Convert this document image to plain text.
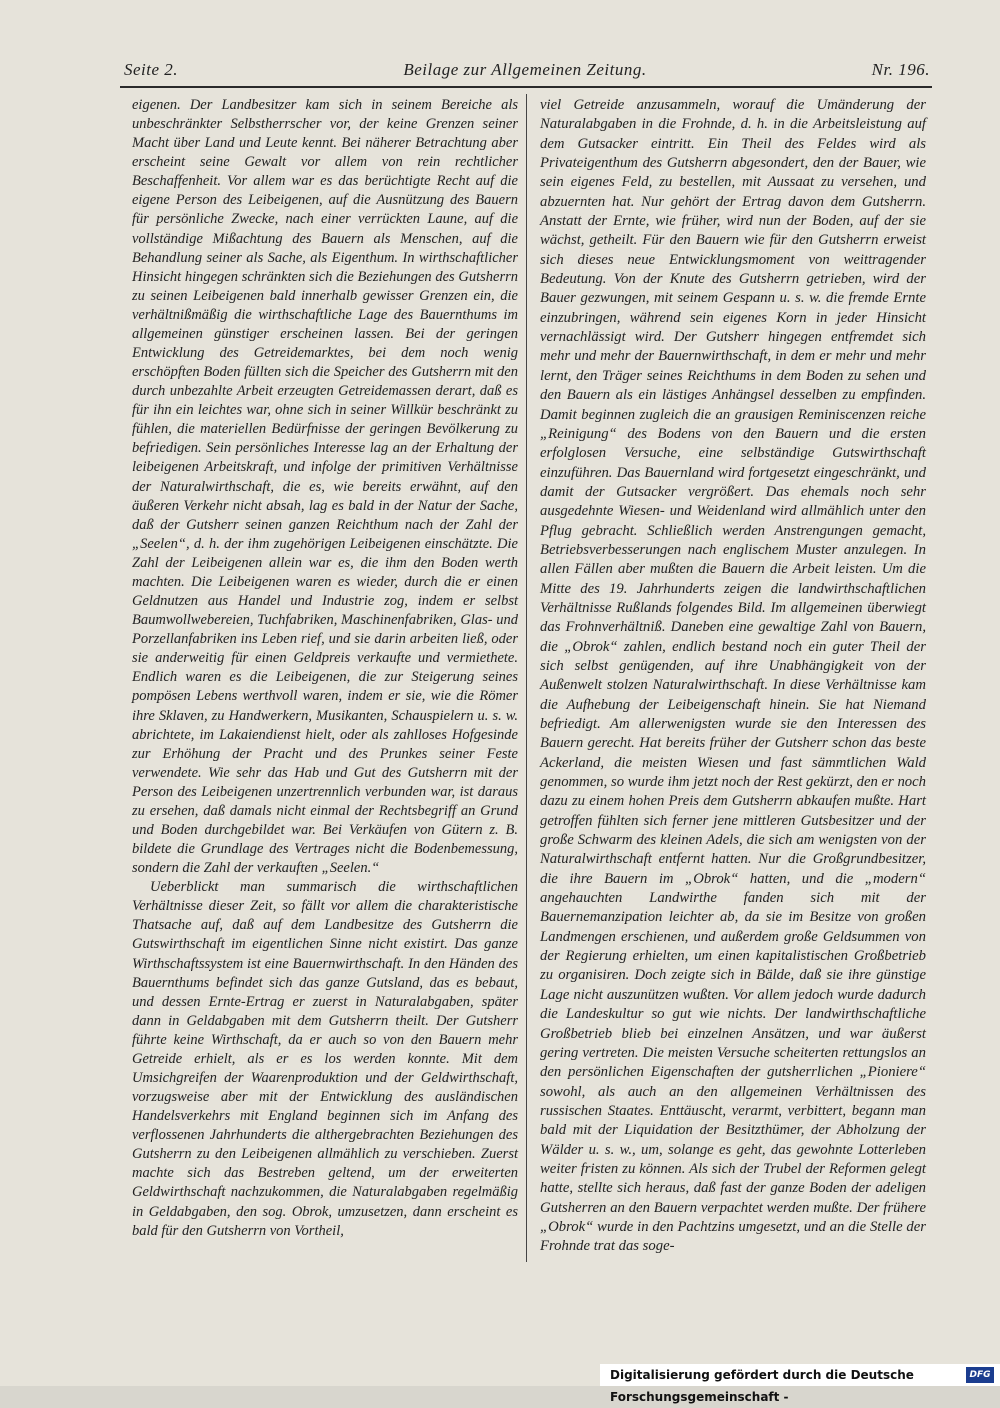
Seite 2.	Beilage zur Allgemeinen Zeitung.	Nr. 196.

eigenen. Der Landbesitzer kam sich in seinem Bereiche als unbeschränkter Selbstherrscher vor, der keine Grenzen seiner Macht über Land und Leute kennt. Bei näherer Betrachtung aber erscheint seine Gewalt vor allem von rein rechtlicher Beschaffenheit. Vor allem war es das berüchtigte Recht auf die eigene Person des Leibeigenen, auf die Ausnützung des Bauern für persönliche Zwecke, nach einer verrückten Laune, auf die vollständige Mißachtung des Bauern als Menschen, auf die Behandlung seiner als Sache, als Eigenthum. In wirthschaftlicher Hinsicht hingegen schränkten sich die Beziehungen des Gutsherrn zu seinen Leibeigenen bald innerhalb gewisser Grenzen ein, die verhältnißmäßig die wirthschaftliche Lage des Bauernthums im allgemeinen günstiger erscheinen lassen. Bei der geringen Entwicklung des Getreidemarktes, bei dem noch wenig erschöpften Boden füllten sich die Speicher des Gutsherrn mit den durch unbezahlte Arbeit erzeugten Getreidemassen derart, daß es für ihn ein leichtes war, ohne sich in seiner Willkür beschränkt zu fühlen, die materiellen Bedürfnisse der geringen Bevölkerung zu befriedigen. Sein persönliches Interesse lag an der Erhaltung der leibeigenen Arbeitskraft, und infolge der primitiven Verhältnisse der Naturalwirthschaft, die es, wie bereits erwähnt, auf den äußeren Verkehr nicht absah, lag es bald in der Natur der Sache, daß der Gutsherr seinen ganzen Reichthum nach der Zahl der „Seelen“, d. h. der ihm zugehörigen Leibeigenen einschätzte. Die Zahl der Leibeigenen allein war es, die ihm den Boden werth machten. Die Leibeigenen waren es wieder, durch die er einen Geldnutzen aus Handel und Industrie zog, indem er selbst Baumwollwebereien, Tuchfabriken, Maschinenfabriken, Glas- und Porzellanfabriken ins Leben rief, und sie darin arbeiten ließ, oder sie anderweitig für einen Geldpreis verkaufte und vermiethete. Endlich waren es die Leibeigenen, die zur Steigerung seines pompösen Lebens werthvoll waren, indem er sie, wie die Römer ihre Sklaven, zu Handwerkern, Musikanten, Schauspielern u. s. w. abrichtete, im Lakaiendienst hielt, oder als zahlloses Hofgesinde zur Erhöhung der Pracht und des Prunkes seiner Feste verwendete. Wie sehr das Hab und Gut des Gutsherrn mit der Person des Leibeigenen unzertrennlich verbunden war, ist daraus zu ersehen, daß damals nicht einmal der Rechtsbegriff an Grund und Boden durchgebildet war. Bei Verkäufen von Gütern z. B. bildete die Grundlage des Vertrages nicht die Bodenbemessung, sondern die Zahl der verkauften „Seelen.“

Ueberblickt man summarisch die wirthschaftlichen Verhältnisse dieser Zeit, so fällt vor allem die charakteristische Thatsache auf, daß auf dem Landbesitze des Gutsherrn die Gutswirthschaft im eigentlichen Sinne nicht existirt. Das ganze Wirthschaftssystem ist eine Bauernwirthschaft. In den Händen des Bauernthums befindet sich das ganze Gutsland, das es bebaut, und dessen Ernte-Ertrag er zuerst in Naturalabgaben, später dann in Geldabgaben mit dem Gutsherrn theilt. Der Gutsherr führte keine Wirthschaft, da er auch so von den Bauern mehr Getreide erhielt, als er es los werden konnte. Mit dem Umsichgreifen der Waarenproduktion und der Geldwirthschaft, vorzugsweise aber mit der Entwicklung des ausländischen Handelsverkehrs mit England beginnen sich im Anfang des verflossenen Jahrhunderts die althergebrachten Beziehungen des Gutsherrn zu den Leibeigenen allmählich zu verschieben. Zuerst machte sich das Bestreben geltend, um der erweiterten Geldwirthschaft nachzukommen, die Naturalabgaben regelmäßig in Geldabgaben, den sog. Obrok, umzusetzen, dann erscheint es bald für den Gutsherrn von Vortheil,

viel Getreide anzusammeln, worauf die Umänderung der Naturalabgaben in die Frohnde, d. h. in die Arbeitsleistung auf dem Gutsacker eintritt. Ein Theil des Feldes wird als Privateigenthum des Gutsherrn abgesondert, den der Bauer, wie sein eigenes Feld, zu bestellen, mit Aussaat zu versehen, und abzuernten hat. Nur gehört der Ertrag davon dem Gutsherrn. Anstatt der Ernte, wie früher, wird nun der Boden, auf der sie wächst, getheilt. Für den Bauern wie für den Gutsherrn erweist sich dieses neue Entwicklungsmoment von weittragender Bedeutung. Von der Knute des Gutsherrn getrieben, wird der Bauer gezwungen, mit seinem Gespann u. s. w. die fremde Ernte einzubringen, während sein eigenes Korn in jeder Hinsicht vernachlässigt wird. Der Gutsherr hingegen entfremdet sich mehr und mehr der Bauernwirthschaft, in dem er mehr und mehr lernt, den Träger seines Reichthums in dem Boden zu sehen und den Bauern als ein lästiges Anhängsel desselben zu empfinden. Damit beginnen zugleich die an grausigen Reminiscenzen reiche „Reinigung“ des Bodens von den Bauern und die ersten erfolglosen Versuche, eine selbständige Gutswirthschaft einzuführen. Das Bauernland wird fortgesetzt eingeschränkt, und damit der Gutsacker vergrößert. Das ehemals noch sehr ausgedehnte Wiesen- und Weidenland wird allmählich unter den Pflug gebracht. Schließlich werden Anstrengungen gemacht, Betriebsverbesserungen nach englischem Muster anzulegen. In allen Fällen aber mußten die Bauern die Arbeit leisten. Um die Mitte des 19. Jahrhunderts zeigen die landwirthschaftlichen Verhältnisse Rußlands folgendes Bild. Im allgemeinen überwiegt das Frohnverhältniß. Daneben eine gewaltige Zahl von Bauern, die „Obrok“ zahlen, endlich bestand noch ein guter Theil der sich selbst genügenden, auf ihre Unabhängigkeit von der Außenwelt stolzen Naturalwirthschaft. In diese Verhältnisse kam die Aufhebung der Leibeigenschaft hinein. Sie hat Niemand befriedigt. Am allerwenigsten wurde sie den Interessen des Bauern gerecht. Hat bereits früher der Gutsherr schon das beste Ackerland, die meisten Wiesen und fast sämmtlichen Wald genommen, so wurde ihm jetzt noch der Rest gekürzt, den er noch dazu zu einem hohen Preis dem Gutsherrn abkaufen mußte. Hart getroffen fühlten sich ferner jene mittleren Gutsbesitzer und der große Schwarm des kleinen Adels, die sich am wenigsten von der Naturalwirthschaft entfernt hatten. Nur die Großgrundbesitzer, die ihre Bauern im „Obrok“ hatten, und die „modern“ angehauchten Landwirthe fanden sich mit der Bauernemanzipation leichter ab, da sie im Besitze von großen Landmengen erschienen, und außerdem große Geldsummen von der Regierung erhielten, um einen kapitalistischen Großbetrieb zu organisiren. Doch zeigte sich in Bälde, daß sie ihre günstige Lage nicht auszunützen wußten. Vor allem jedoch wurde dadurch die Landeskultur so gut wie nichts. Der landwirthschaftliche Großbetrieb blieb bei einzelnen Ansätzen, und war äußerst gering vertreten. Die meisten Versuche scheiterten rettungslos an den persönlichen Eigenschaften der gutsherrlichen „Pioniere“ sowohl, als auch an den allgemeinen Verhältnissen des russischen Staates. Enttäuscht, verarmt, verbittert, begann man bald mit der Liquidation der Besitzthümer, der Abholzung der Wälder u. s. w., um, solange es geht, das gewohnte Lotterleben weiter fristen zu können. Als sich der Trubel der Reformen gelegt hatte, stellte sich heraus, daß fast der ganze Boden der adeligen Gutsherren an den Bauern verpachtet werden mußte. Der frühere „Obrok“ wurde in den Pachtzins umgesetzt, und an die Stelle der Frohnde trat das soge-

Digitalisierung gefördert durch die Deutsche Forschungsgemeinschaft -
DFG
